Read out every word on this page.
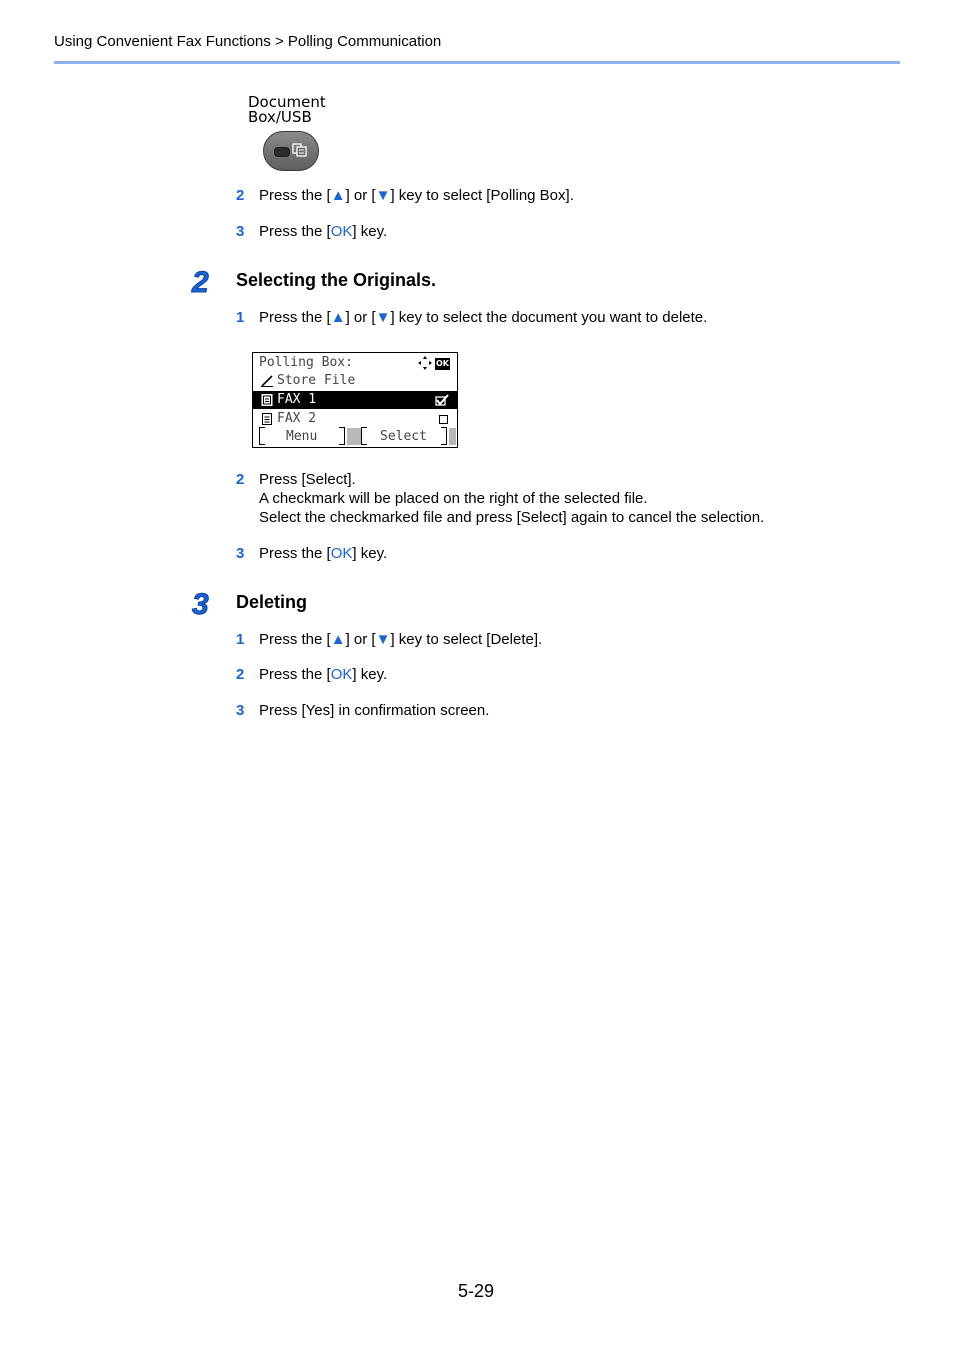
Using Convenient Fax Functions > Polling Communication
Document
Box/USB
2 Press the [▲] or [▼] key to select [Polling Box].
3 Press the [OK] key.
2 Selecting the Originals.
1 Press the [▲] or [▼] key to select the document you want to delete.
Polling Box:	OK
Store File
FAX 1
FAX 2
Menu	Select
2 Press [Select].
A checkmark will be placed on the right of the selected file.
Select the checkmarked file and press [Select] again to cancel the selection.
3 Press the [OK] key.
3 Deleting
1 Press the [▲] or [▼] key to select [Delete].
2 Press the [OK] key.
3 Press [Yes] in confirmation screen.
5-29
